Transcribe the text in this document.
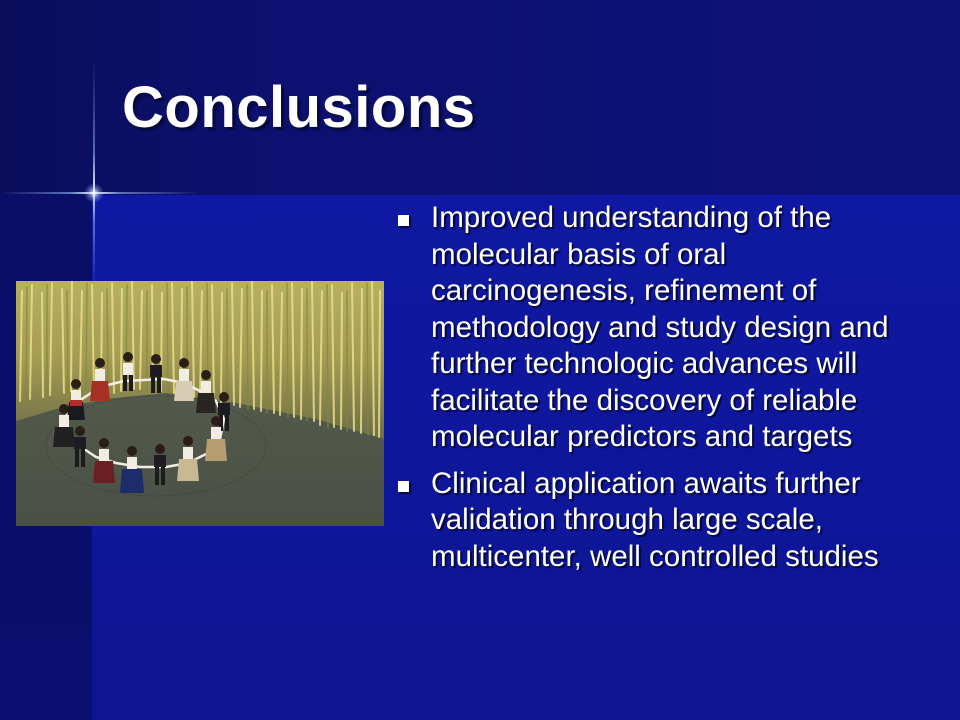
Conclusions
Improved understanding of the molecular basis of oral carcinogenesis, refinement of methodology and study design and further technologic advances will facilitate the discovery of reliable molecular predictors and targets
Clinical application awaits further validation through large scale, multicenter, well controlled studies
